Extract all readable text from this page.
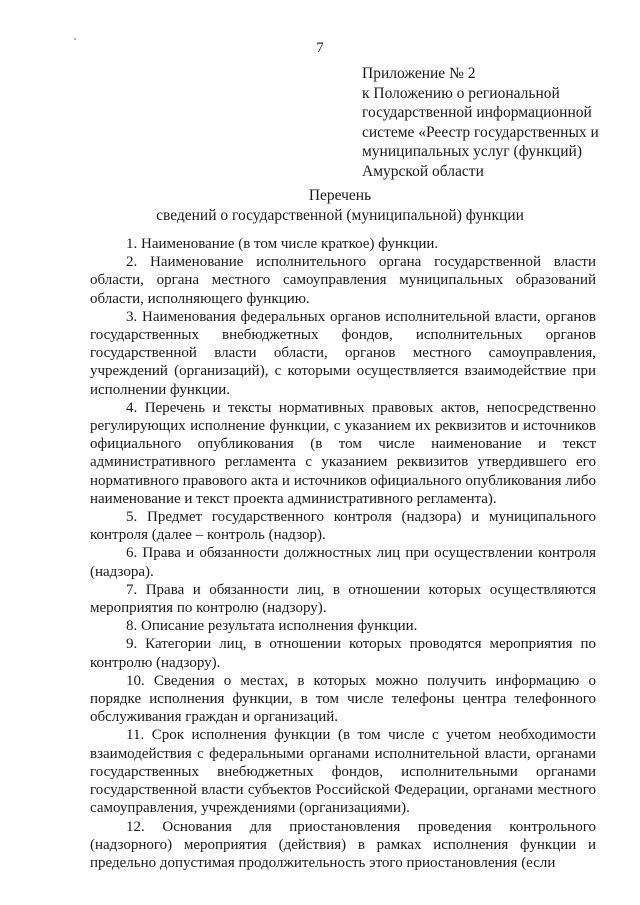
7
Приложение № 2
к Положению о региональной
государственной информационной
системе «Реестр государственных и
муниципальных услуг (функций)
Амурской области
Перечень
сведений о государственной (муниципальной) функции

1. Наименование (в том числе краткое) функции.

2. Наименование исполнительного органа государственной власти области, органа местного самоуправления муниципальных образований области, исполняющего функцию.

3. Наименования федеральных органов исполнительной власти, органов государственных внебюджетных фондов, исполнительных органов государственной власти области, органов местного самоуправления, учреждений (организаций), с которыми осуществляется взаимодействие при исполнении функции.

4. Перечень и тексты нормативных правовых актов, непосредственно регулирующих исполнение функции, с указанием их реквизитов и источников официального опубликования (в том числе наименование и текст административного регламента с указанием реквизитов утвердившего его нормативного правового акта и источников официального опубликования либо наименование и текст проекта административного регламента).

5. Предмет государственного контроля (надзора) и муниципального контроля (далее – контроль (надзор).

6. Права и обязанности должностных лиц при осуществлении контроля (надзора).

7. Права и обязанности лиц, в отношении которых осуществляются мероприятия по контролю (надзору).

8. Описание результата исполнения функции.

9. Категории лиц, в отношении которых проводятся мероприятия по контролю (надзору).

10. Сведения о местах, в которых можно получить информацию о порядке исполнения функции, в том числе телефоны центра телефонного обслуживания граждан и организаций.

11. Срок исполнения функции (в том числе с учетом необходимости взаимодействия с федеральными органами исполнительной власти, органами государственных внебюджетных фондов, исполнительными органами государственной власти субъектов Российской Федерации, органами местного самоуправления, учреждениями (организациями).

12. Основания для приостановления проведения контрольного (надзорного) мероприятия (действия) в рамках исполнения функции и предельно допустимая продолжительность этого приостановления (если
